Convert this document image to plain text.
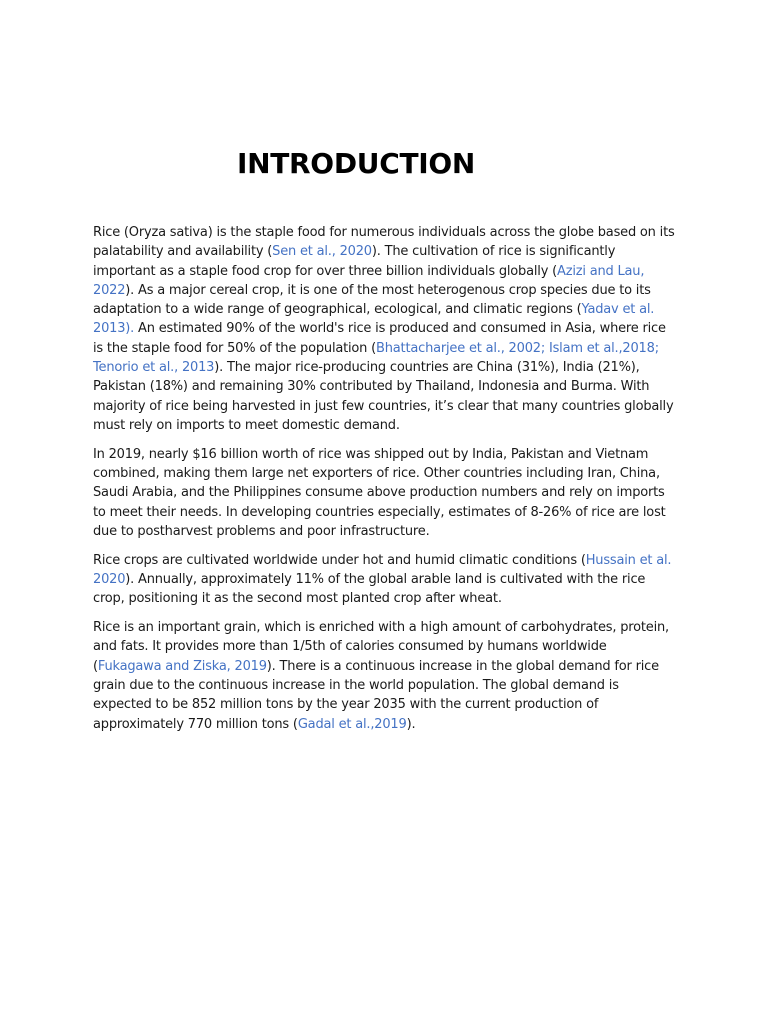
INTRODUCTION

Rice (Oryza sativa) is the staple food for numerous individuals across the globe based on its palatability and availability (Sen et al., 2020). The cultivation of rice is significantly important as a staple food crop for over three billion individuals globally (Azizi and Lau, 2022). As a major cereal crop, it is one of the most heterogenous crop species due to its adaptation to a wide range of geographical, ecological, and climatic regions (Yadav et al. 2013). An estimated 90% of the world's rice is produced and consumed in Asia, where rice is the staple food for 50% of the population (Bhattacharjee et al., 2002; Islam et al.,2018; Tenorio et al., 2013). The major rice-producing countries are China (31%), India (21%), Pakistan (18%) and remaining 30% contributed by Thailand, Indonesia and Burma. With majority of rice being harvested in just few countries, it’s clear that many countries globally must rely on imports to meet domestic demand.

In 2019, nearly $16 billion worth of rice was shipped out by India, Pakistan and Vietnam combined, making them large net exporters of rice. Other countries including Iran, China, Saudi Arabia, and the Philippines consume above production numbers and rely on imports to meet their needs. In developing countries especially, estimates of 8-26% of rice are lost due to postharvest problems and poor infrastructure.

Rice crops are cultivated worldwide under hot and humid climatic conditions (Hussain et al. 2020). Annually, approximately 11% of the global arable land is cultivated with the rice crop, positioning it as the second most planted crop after wheat.

Rice is an important grain, which is enriched with a high amount of carbohydrates, protein, and fats. It provides more than 1/5th of calories consumed by humans worldwide (Fukagawa and Ziska, 2019). There is a continuous increase in the global demand for rice grain due to the continuous increase in the world population. The global demand is expected to be 852 million tons by the year 2035 with the current production of approximately 770 million tons (Gadal et al.,2019).
